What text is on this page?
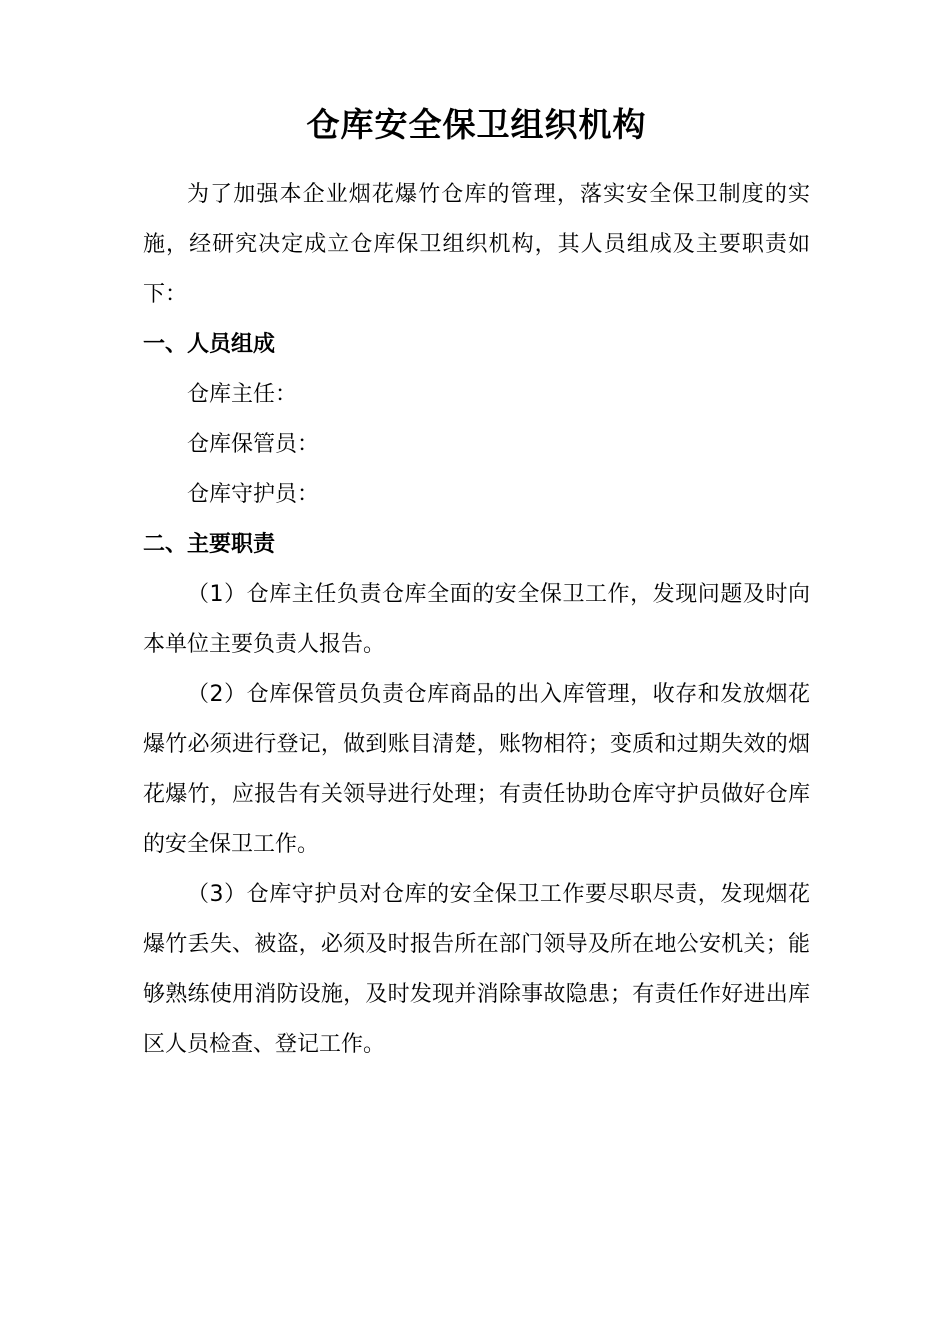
仓库安全保卫组织机构

为了加强本企业烟花爆竹仓库的管理，落实安全保卫制度的实施，经研究决定成立仓库保卫组织机构，其人员组成及主要职责如下：

一、人员组成

仓库主任：

仓库保管员：

仓库守护员：

二、主要职责

（1）仓库主任负责仓库全面的安全保卫工作，发现问题及时向本单位主要负责人报告。

（2）仓库保管员负责仓库商品的出入库管理，收存和发放烟花爆竹必须进行登记，做到账目清楚，账物相符；变质和过期失效的烟花爆竹，应报告有关领导进行处理；有责任协助仓库守护员做好仓库的安全保卫工作。

（3）仓库守护员对仓库的安全保卫工作要尽职尽责，发现烟花爆竹丢失、被盗，必须及时报告所在部门领导及所在地公安机关；能够熟练使用消防设施，及时发现并消除事故隐患；有责任作好进出库区人员检查、登记工作。
